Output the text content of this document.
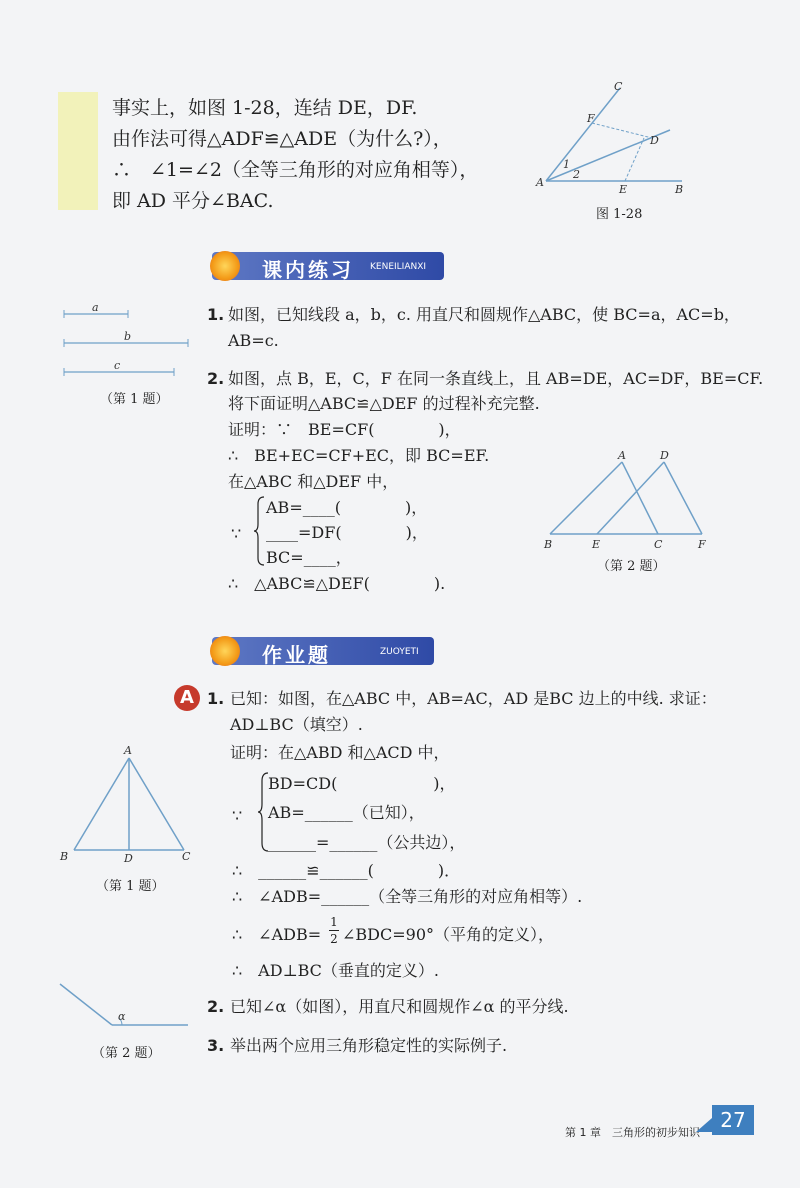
事实上，如图 1-28，连结 DE，DF.
由作法可得△ADF≌△ADE（为什么?），
∴　∠1=∠2（全等三角形的对应角相等），
即 AD 平分∠BAC.
C
F
D
A
1
2
E	B
图 1-28
课内练习 KENEILIANXI
a
b
c
（第 1 题）
1. 如图，已知线段 a，b，c. 用直尺和圆规作△ABC，使 BC=a，AC=b，
AB=c.
2. 如图，点 B，E，C，F 在同一条直线上，且 AB=DE，AC=DF，BE=CF.
将下面证明△ABC≌△DEF 的过程补充完整.
证明：∵　BE=CF(　　　　)，
∴　BE+EC=CF+EC，即 BC=EF.
在△ABC 和△DEF 中，
∵
AB=____(　　　　)，
____=DF(　　　　)，
BC=____，
∴　△ABC≌△DEF(　　　　).
A	D
B	E	C	F
（第 2 题）
作业题	ZUOYETI
A 1. 已知：如图，在△ABC 中，AB=AC，AD 是BC 边上的中线. 求证：
AD⊥BC（填空）.
证明：在△ABD 和△ACD 中，
∵
BD=CD(　　　　　　)，
AB=______（已知），
______=______（公共边），
∴　______≌______(　　　　)．
∴　∠ADB=______（全等三角形的对应角相等）.
∴　∠ADB=
1
2 ∠BDC=90°（平角的定义），
∴　AD⊥BC（垂直的定义）.
A
B	D	C
（第 1 题）
2. 已知∠α（如图），用直尺和圆规作∠α 的平分线.
α
（第 2 题）	3. 举出两个应用三角形稳定性的实际例子.
第 1 章　三角形的初步知识
27
